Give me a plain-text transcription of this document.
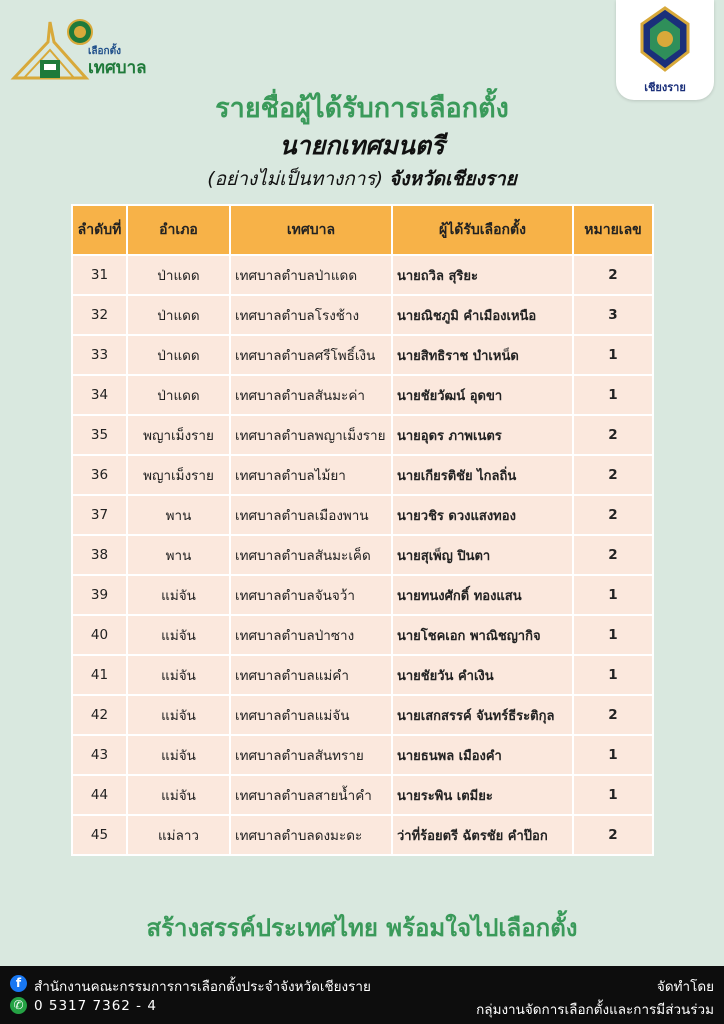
เลือกตั้ง
เทศบาล
เชียงราย
รายชื่อผู้ได้รับการเลือกตั้ง
นายกเทศมนตรี
(อย่างไม่เป็นทางการ) จังหวัดเชียงราย
ลำดับที่	อำเภอ	เทศบาล	ผู้ได้รับเลือกตั้ง	หมายเลข
31	ป่าแดด	เทศบาลตำบลป่าแดด	นายถวิล สุริยะ	2
32	ป่าแดด	เทศบาลตำบลโรงช้าง	นายณิชภูมิ คำเมืองเหนือ	3
33	ป่าแดด	เทศบาลตำบลศรีโพธิ์เงิน	นายสิทธิราช บำเหน็ด	1
34	ป่าแดด	เทศบาลตำบลสันมะค่า	นายชัยวัฒน์ อุดขา	1
35	พญาเม็งราย	เทศบาลตำบลพญาเม็งราย	นายอุดร ภาพเนตร	2
36	พญาเม็งราย	เทศบาลตำบลไม้ยา	นายเกียรติชัย ไกลถิ่น	2
37	พาน	เทศบาลตำบลเมืองพาน	นายวชิร ดวงแสงทอง	2
38	พาน	เทศบาลตำบลสันมะเค็ด	นายสุเพ็ญ ปินตา	2
39	แม่จัน	เทศบาลตำบลจันจว้า	นายทนงศักดิ์ ทองแสน	1
40	แม่จัน	เทศบาลตำบลป่าซาง	นายโชคเอก พาณิชญากิจ	1
41	แม่จัน	เทศบาลตำบลแม่คำ	นายชัยวัน คำเงิน	1
42	แม่จัน	เทศบาลตำบลแม่จัน	นายเสกสรรค์ จันทร์ธีระติกุล	2
43	แม่จัน	เทศบาลตำบลสันทราย	นายธนพล เมืองคำ	1
44	แม่จัน	เทศบาลตำบลสายน้ำคำ	นายระพิน เตมียะ	1
45	แม่ลาว	เทศบาลตำบลดงมะดะ	ว่าที่ร้อยตรี ฉัตรชัย คำป๊อก	2
สร้างสรรค์ประเทศไทย พร้อมใจไปเลือกตั้ง
f สำนักงานคณะกรรมการการเลือกตั้งประจำจังหวัดเชียงราย
✆ 0 5317 7362 - 4
จัดทำโดย
กลุ่มงานจัดการเลือกตั้งและการมีส่วนร่วม
